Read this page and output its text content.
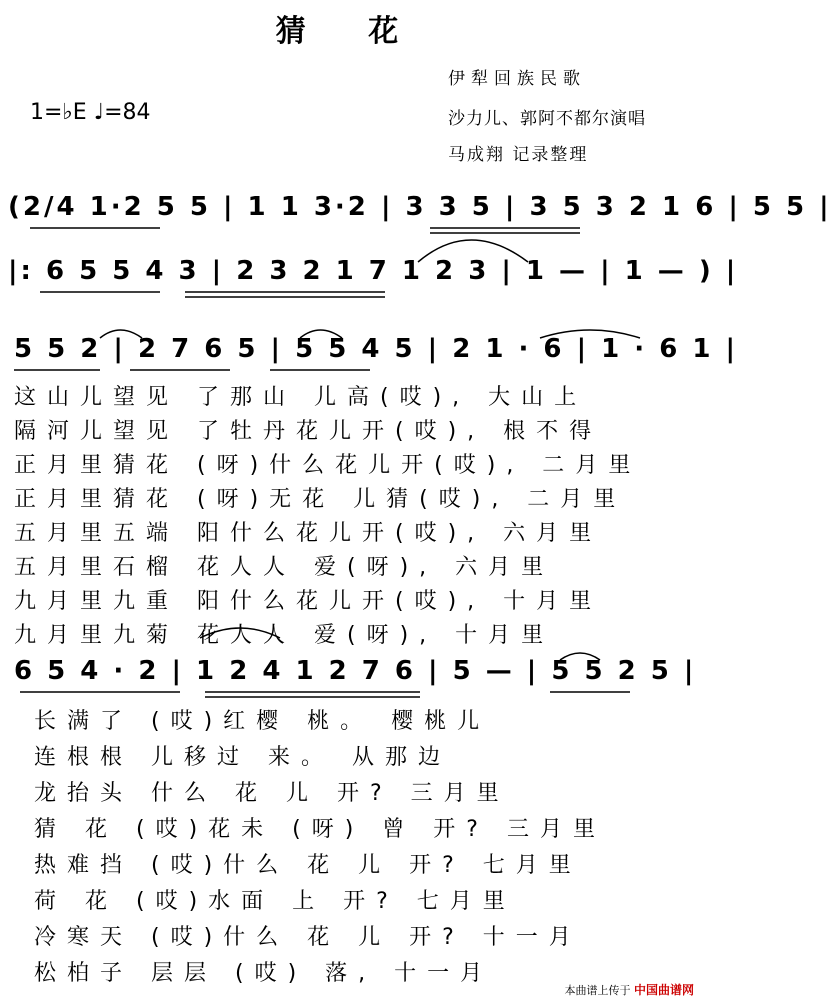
猜 花
1=♭E ♩=84
伊犁回族民歌
沙力儿、郭阿不都尔演唱
马成翔 记录整理
(2/4 1·2 5 5 | 1 1 3·2 | 3 3 5 | 3 5 3 2 1 6 | 5 5 |
|: 6 5 5 4 3 | 2 3 2 1 7 1 2 3 | 1 — | 1 — ) |
5 5 2 | 2 7 6 5 | 5 5 4 5 | 2 1 · 6 | 1 · 6 1 |
这山儿望见 了那山 儿高(哎), 大山上
隔河儿望见 了牡丹花儿开(哎), 根不得
正月里猜花 (呀)什么花儿开(哎), 二月里
正月里猜花 (呀)无花 儿猜(哎), 二月里
五月里五端 阳什么花儿开(哎), 六月里
五月里石榴 花人人 爱(呀), 六月里
九月里九重 阳什么花儿开(哎), 十月里
九月里九菊 花人人 爱(呀), 十月里
6 5 4 · 2 | 1 2 4 1 2 7 6 | 5 — | 5 5 2 5 |
长满了 (哎)红樱 桃。 樱桃儿
连根根 儿移过 来。 从那边
龙抬头 什么 花 儿 开? 三月里
猜 花 (哎)花未 (呀) 曾 开? 三月里
热难挡 (哎)什么 花 儿 开? 七月里
荷 花 (哎)水面 上 开? 七月里
冷寒天 (哎)什么 花 儿 开? 十一月
松柏子 层层 (哎) 落, 十一月
本曲谱上传于 中国曲谱网
